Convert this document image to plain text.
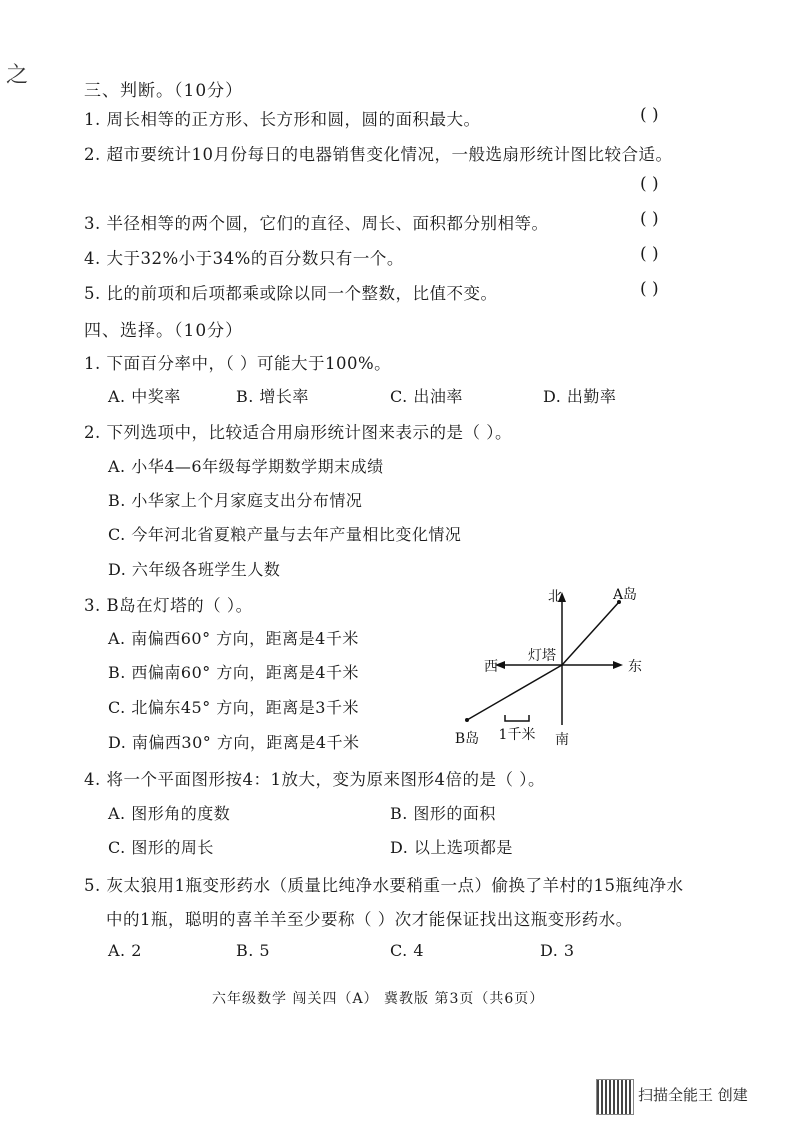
之
三、判断。（10分）
1. 周长相等的正方形、长方形和圆，圆的面积最大。	( )
2. 超市要统计10月份每日的电器销售变化情况，一般选扇形统计图比较合适。
( )
3. 半径相等的两个圆，它们的直径、周长、面积都分别相等。	( )
4. 大于32%小于34%的百分数只有一个。	( )
5. 比的前项和后项都乘或除以同一个整数，比值不变。	( )
四、选择。（10分）
1. 下面百分率中，（ ）可能大于100%。
A. 中奖率	B. 增长率	C. 出油率	D. 出勤率
2. 下列选项中，比较适合用扇形统计图来表示的是（ ）。
A. 小华4—6年级每学期数学期末成绩
B. 小华家上个月家庭支出分布情况
C. 今年河北省夏粮产量与去年产量相比变化情况
D. 六年级各班学生人数
3. B岛在灯塔的（ ）。
A. 南偏西60° 方向，距离是4千米
B. 西偏南60° 方向，距离是4千米
C. 北偏东45° 方向，距离是3千米
D. 南偏西30° 方向，距离是4千米
北
南
东
西
灯塔
A岛
B岛 1千米
4. 将一个平面图形按4：1放大，变为原来图形4倍的是（ ）。
A. 图形角的度数	B. 图形的面积
C. 图形的周长	D. 以上选项都是
5. 灰太狼用1瓶变形药水（质量比纯净水要稍重一点）偷换了羊村的15瓶纯净水
中的1瓶，聪明的喜羊羊至少要称（ ）次才能保证找出这瓶变形药水。
A. 2	B. 5	C. 4	D. 3
六年级数学 闯关四（A） 冀教版 第3页（共6页）
扫描全能王 创建
